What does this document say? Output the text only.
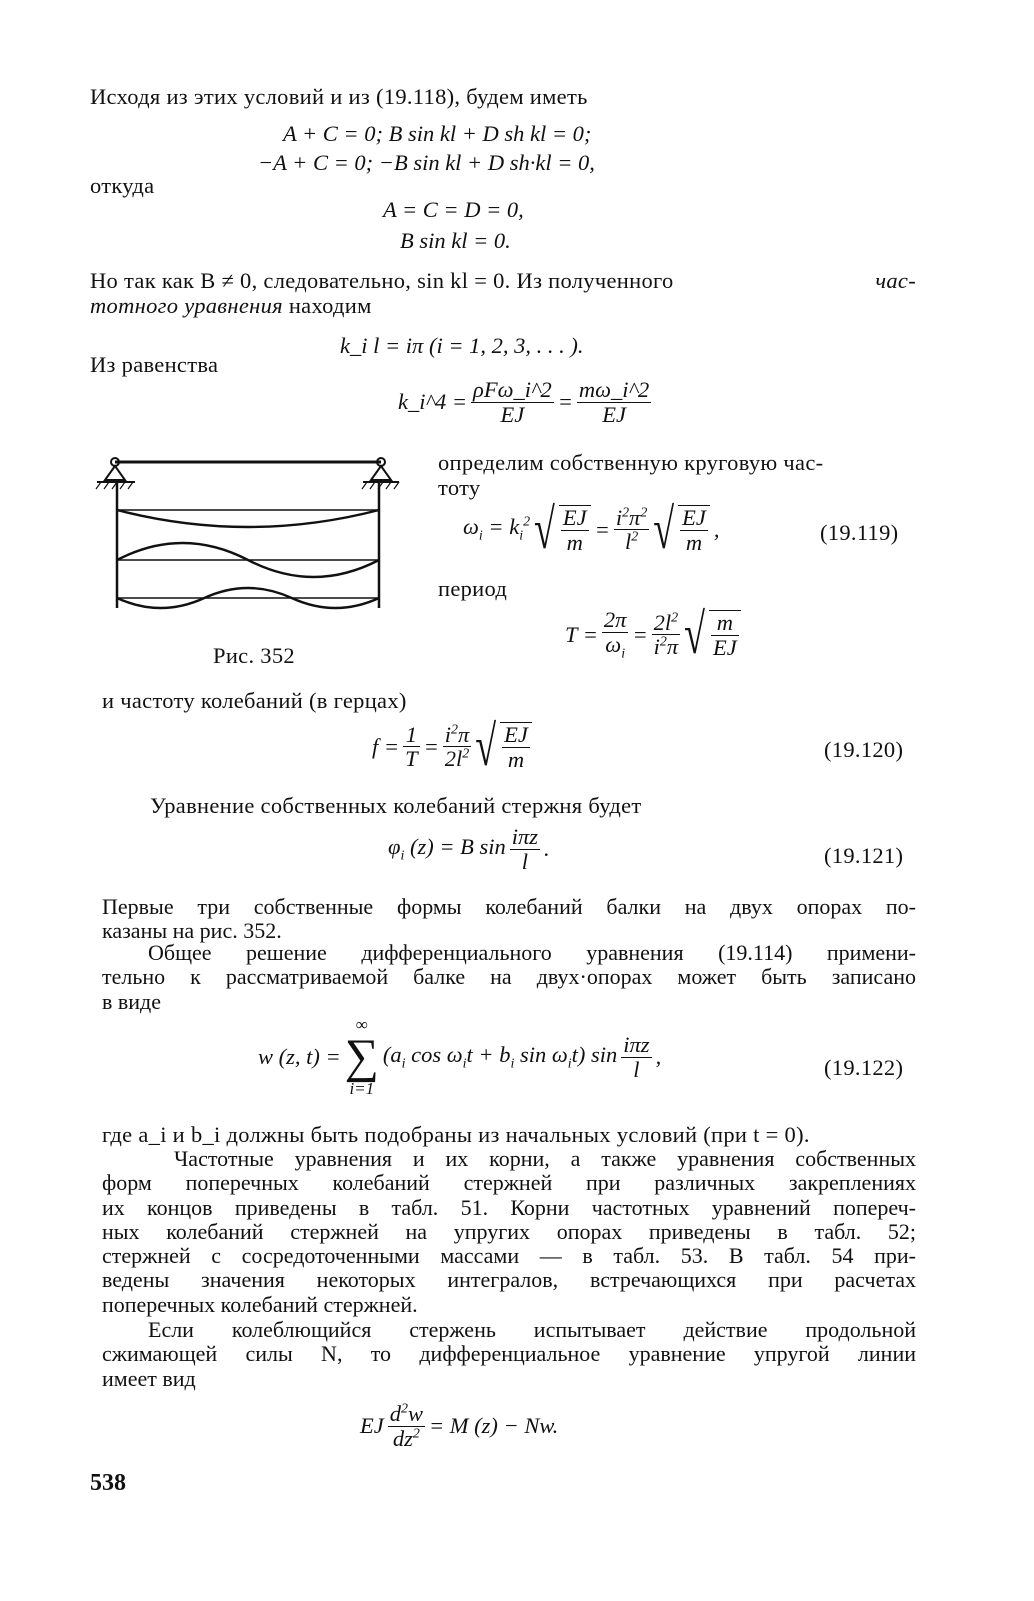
Исходя из этих условий и из (19.118), будем иметь
A + C = 0; B sin kl + D sh kl = 0;
−A + C = 0; −B sin kl + D sh·kl = 0,
откуда
A = C = D = 0,
B sin kl = 0.
Но так как B ≠ 0, следовательно, sin kl = 0. Из полученного	час-
тотного уравнения находим
k_i l = iπ (i = 1, 2, 3, . . . ).
Из равенства
k_i^4 = $\frac{\text{ρFω\_i\textasciicircum{}2}}{EJ} = \frac{m\omega\_i\^{}2}{EJ}$
Рис. 352
определим собственную круговую час-
тоту
$\omega_i = k_i^2$ √ $\frac{EJ}{m} = \frac{i^2\pi^2}{l^2}$ √ $\frac{EJ}{m}$ ,	(19.119)
период
$T = \frac{2\pi}{\omega_i} = \frac{2l^2}{i^2\pi}$ √ $\frac{m}{EJ}$
и частоту колебаний (в герцах)
$f = \frac{1}{T} = \frac{i^2\pi}{2l^2}$ √ $\frac{EJ}{m}$	(19.120)
Уравнение собственных колебаний стержня будет
$\varphi_i$ (z) = B $\sin \frac{\text{iπz}}{l}$ .	(19.121)
Первые три собственные формы колебаний балки на двух опорах по-
казаны на рис. 352.
Общее решение дифференциального уравнения (19.114) примени-
тельно к рассматриваемой балке на двух·опорах может быть записано
в виде
w (z, t) =
∞
∑
i=1
($a_i$ $\cos \omega_it + b_i$ $\sin \omega_it$) $\sin \frac{\text{iπz}}{l}$ ,	(19.122)
где a_i и b_i должны быть подобраны из начальных условий (при t = 0).
Частотные уравнения и их корни, а также уравнения собственных
форм поперечных колебаний стержней при различных закреплениях
их концов приведены в табл. 51. Корни частотных уравнений попереч-
ных колебаний стержней на упругих опорах приведены в табл. 52;
стержней с сосредоточенными массами — в табл. 53. В табл. 54 при-
ведены значения некоторых интегралов, встречающихся при расчетах
поперечных колебаний стержней.
Если колеблющийся стержень испытывает действие продольной
сжимающей силы N, то дифференциальное уравнение упругой линии
имеет вид
EJ $\frac{d^2w}{dz^2} = M$ (z) − Nw.
538
